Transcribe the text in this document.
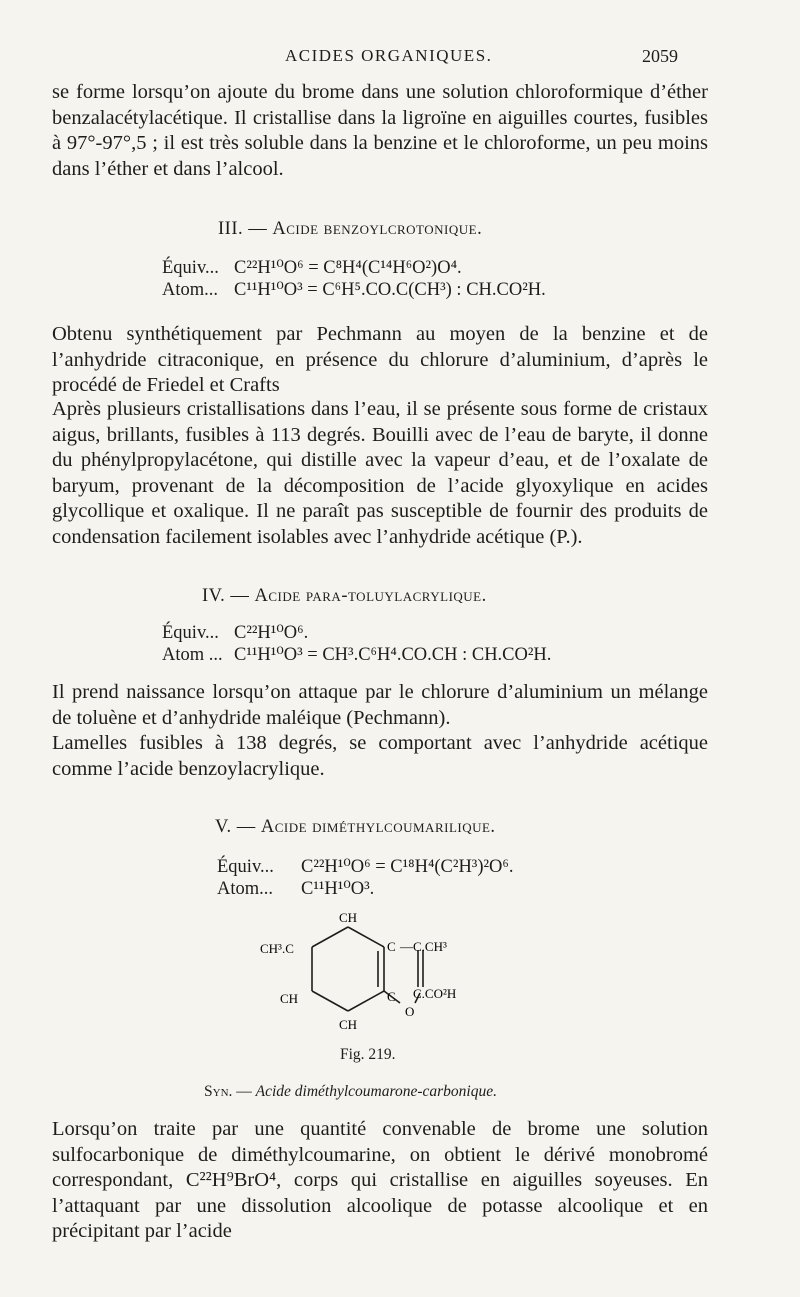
ACIDES ORGANIQUES.	2059

se forme lorsqu’on ajoute du brome dans une solution chloroformique d’éther benzalacétylacétique. Il cristallise dans la ligroïne en aiguilles courtes, fusibles à 97°-97°,5 ; il est très soluble dans la benzine et le chloroforme, un peu moins dans l’éther et dans l’alcool.

III. — Acide benzoylcrotonique.
Équiv... C²²H¹⁰O⁶ = C⁸H⁴(C¹⁴H⁶O²)O⁴.
Atom... C¹¹H¹⁰O³ = C⁶H⁵.CO.C(CH³) : CH.CO²H.

Obtenu synthétiquement par Pechmann au moyen de la benzine et de l’anhydride citraconique, en présence du chlorure d’aluminium, d’après le procédé de Friedel et Crafts

Après plusieurs cristallisations dans l’eau, il se présente sous forme de cristaux aigus, brillants, fusibles à 113 degrés. Bouilli avec de l’eau de baryte, il donne du phénylpropylacétone, qui distille avec la vapeur d’eau, et de l’oxalate de baryum, provenant de la décomposition de l’acide glyoxylique en acides glycollique et oxalique. Il ne paraît pas susceptible de fournir des produits de condensation facilement isolables avec l’anhydride acétique (P.).

IV. — Acide para-toluylacrylique.
Équiv... C²²H¹⁰O⁶.
Atom ... C¹¹H¹⁰O³ = CH³.C⁶H⁴.CO.CH : CH.CO²H.

Il prend naissance lorsqu’on attaque par le chlorure d’aluminium un mélange de toluène et d’anhydride maléique (Pechmann).

Lamelles fusibles à 138 degrés, se comportant avec l’anhydride acétique comme l’acide benzoylacrylique.

V. — Acide diméthylcoumarilique.
Équiv... C²²H¹⁰O⁶ = C¹⁸H⁴(C²H³)²O⁶.
Atom... C¹¹H¹⁰O³.
CH
CH³.C
CH
CH
C —C.CH³
C C.CO²H
O

Fig. 219.

Syn. — Acide diméthylcoumarone-carbonique.

Lorsqu’on traite par une quantité convenable de brome une solution sulfocarbonique de diméthylcoumarine, on obtient le dérivé monobromé correspondant, C²²H⁹BrO⁴, corps qui cristallise en aiguilles soyeuses. En l’attaquant par une dissolution alcoolique de potasse alcoolique et en précipitant par l’acide
